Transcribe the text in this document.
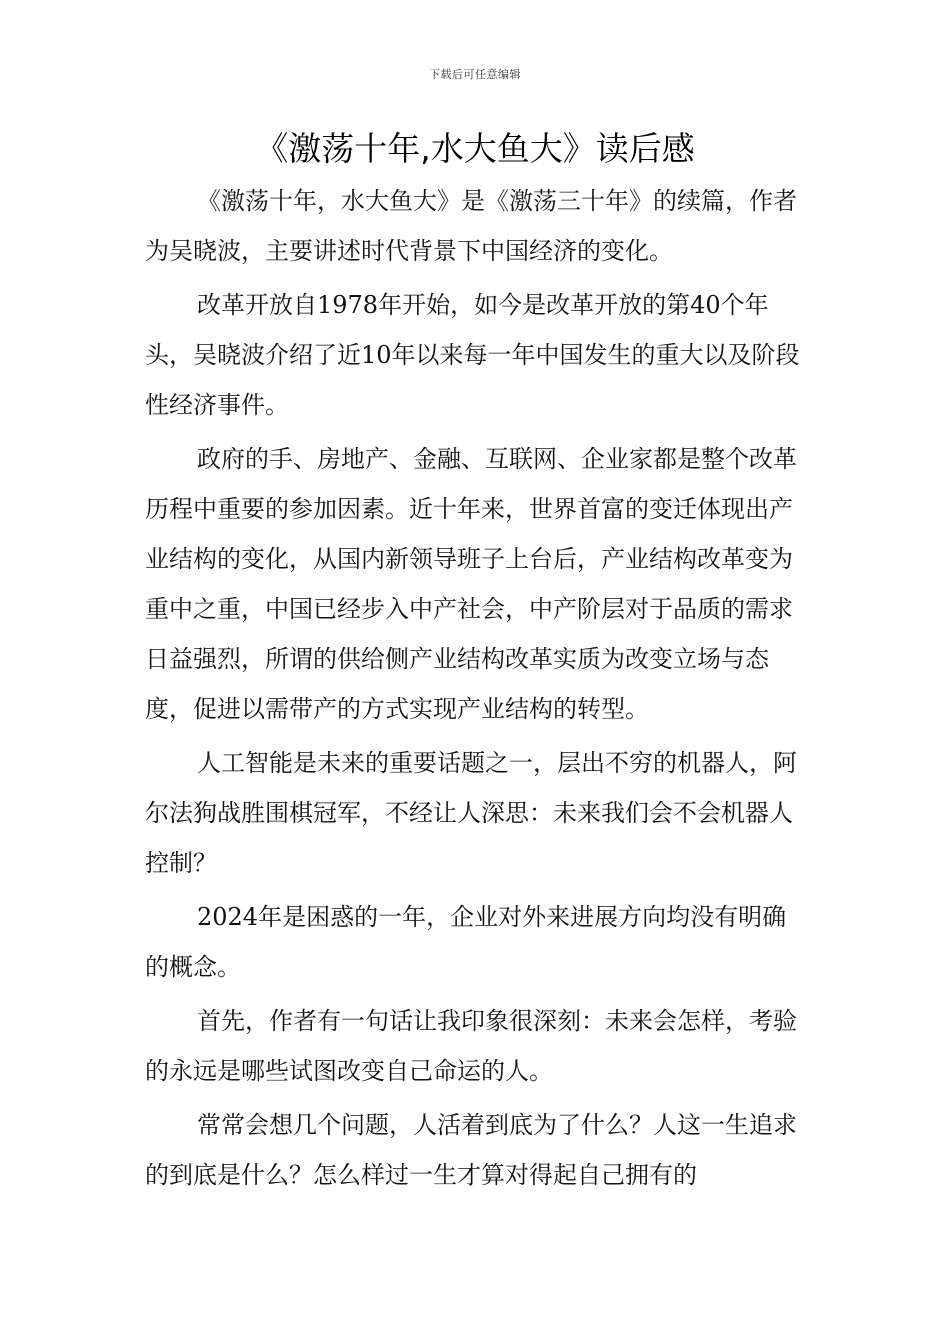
下载后可任意编辑
《激荡十年,水大鱼大》读后感

《激荡十年，水大鱼大》是《激荡三十年》的续篇，作者为吴晓波，主要讲述时代背景下中国经济的变化。

改革开放自1978年开始，如今是改革开放的第40个年头，吴晓波介绍了近10年以来每一年中国发生的重大以及阶段性经济事件。

政府的手、房地产、金融、互联网、企业家都是整个改革历程中重要的参加因素。近十年来，世界首富的变迁体现出产业结构的变化，从国内新领导班子上台后，产业结构改革变为重中之重，中国已经步入中产社会，中产阶层对于品质的需求日益强烈，所谓的供给侧产业结构改革实质为改变立场与态度，促进以需带产的方式实现产业结构的转型。

人工智能是未来的重要话题之一，层出不穷的机器人，阿尔法狗战胜围棋冠军，不经让人深思：未来我们会不会机器人控制？

2024年是困惑的一年，企业对外来进展方向均没有明确的概念。

首先，作者有一句话让我印象很深刻：未来会怎样，考验的永远是哪些试图改变自己命运的人。

常常会想几个问题，人活着到底为了什么？人这一生追求的到底是什么？怎么样过一生才算对得起自己拥有的
